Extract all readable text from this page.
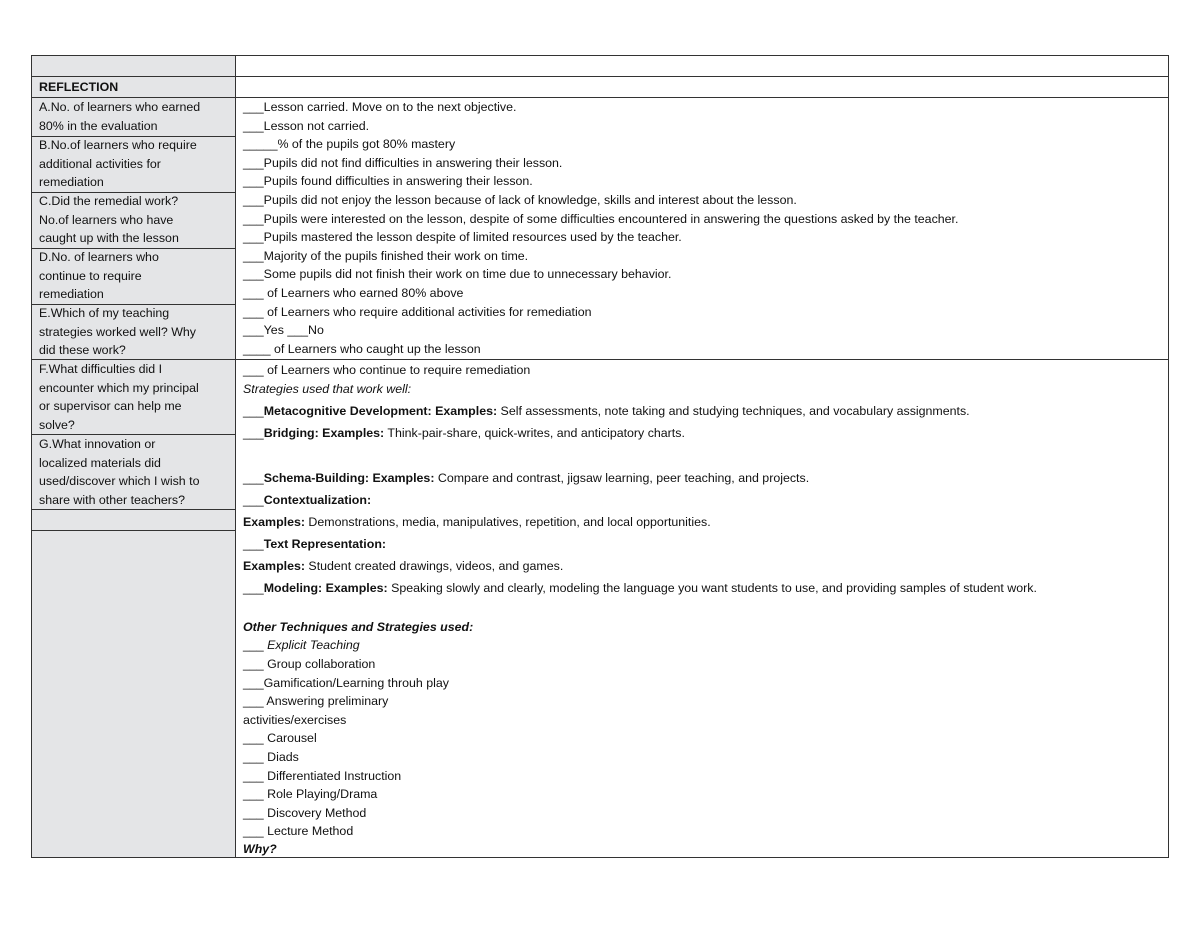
REFLECTION
A.No. of learners who earned
80% in the evaluation
B.No.of learners who require
additional activities for
remediation
C.Did the remedial work?
No.of learners who have
caught up with the lesson
D.No. of learners who
continue to require
remediation
E.Which of my teaching
strategies worked well? Why
did these work?
F.What difficulties did I
encounter which my principal
or supervisor can help me
solve?
G.What innovation or
localized materials did
used/discover which I wish to
share with other teachers?
___Lesson carried. Move on to the next objective.
___Lesson not carried.
_____% of the pupils got 80% mastery
___Pupils did not find difficulties in answering their lesson.
___Pupils found difficulties in answering their lesson.
___Pupils did not enjoy the lesson because of lack of knowledge, skills and interest about the lesson.
___Pupils were interested on the lesson, despite of some difficulties encountered in answering the questions asked by the teacher.
___Pupils mastered the lesson despite of limited resources used by the teacher.
___Majority of the pupils finished their work on time.
___Some pupils did not finish their work on time due to unnecessary behavior.
___ of Learners who earned 80% above
___ of Learners who require additional activities for remediation
___Yes ___No
____ of Learners who caught up the lesson
___ of Learners who continue to require remediation
Strategies used that work well:
___Metacognitive Development: Examples: Self assessments, note taking and studying techniques, and vocabulary assignments.
___Bridging: Examples: Think-pair-share, quick-writes, and anticipatory charts.
___Schema-Building: Examples: Compare and contrast, jigsaw learning, peer teaching, and projects.
___Contextualization:
Examples: Demonstrations, media, manipulatives, repetition, and local opportunities.
___Text Representation:
Examples: Student created drawings, videos, and games.
___Modeling: Examples: Speaking slowly and clearly, modeling the language you want students to use, and providing samples of student work.
Other Techniques and Strategies used:
___ Explicit Teaching
___ Group collaboration
___Gamification/Learning throuh play
___ Answering preliminary
activities/exercises
___ Carousel
___ Diads
___ Differentiated Instruction
___ Role Playing/Drama
___ Discovery Method
___ Lecture Method
Why?
